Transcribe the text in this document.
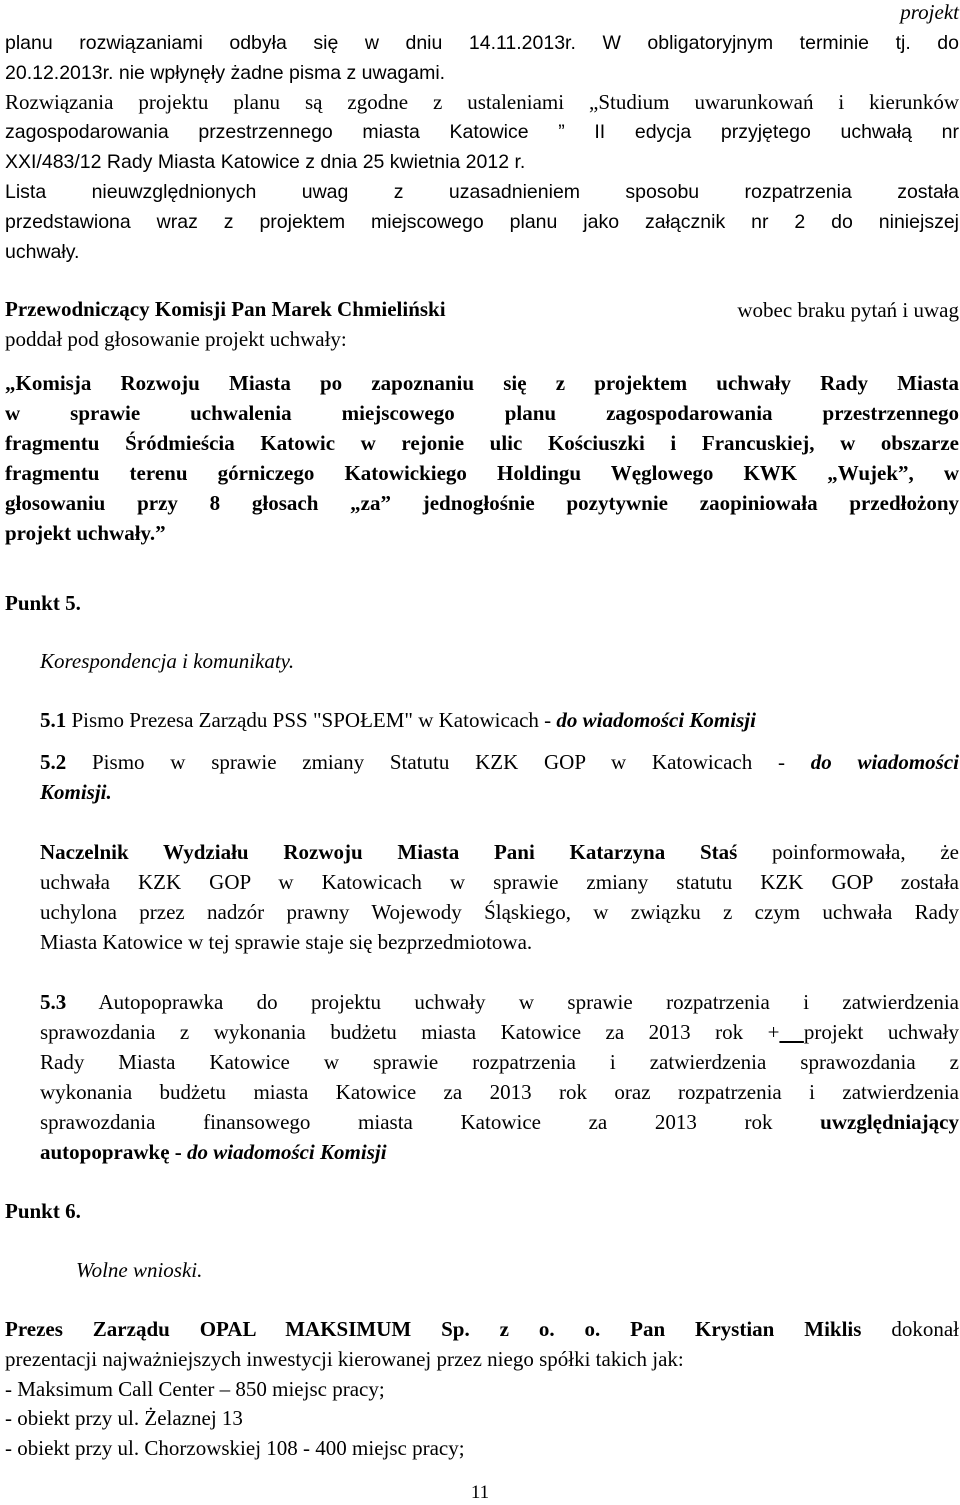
projekt
planu rozwiązaniami odbyła się w dniu 14.11.2013r. W obligatoryjnym terminie tj. do
20.12.2013r. nie wpłynęły żadne pisma z uwagami.
Rozwiązania projektu planu są zgodne z ustaleniami „Studium uwarunkowań i kierunków
zagospodarowania przestrzennego miasta Katowice ” II edycja przyjętego uchwałą nr
XXI/483/12 Rady Miasta Katowice z dnia 25 kwietnia 2012 r.
Lista nieuwzględnionych uwag z uzasadnieniem sposobu rozpatrzenia została
przedstawiona wraz z projektem miejscowego planu jako załącznik nr 2 do niniejszej
uchwały.
Przewodniczący Komisji Pan Marek Chmieliński	wobec braku pytań i uwag
poddał pod głosowanie projekt uchwały:
„Komisja Rozwoju Miasta po zapoznaniu się z projektem uchwały Rady Miasta
w sprawie uchwalenia miejscowego planu zagospodarowania przestrzennego
fragmentu Śródmieścia Katowic w rejonie ulic Kościuszki i Francuskiej, w obszarze
fragmentu terenu górniczego Katowickiego Holdingu Węglowego KWK „Wujek”, w
głosowaniu przy 8 głosach „za” jednogłośnie pozytywnie zaopiniowała przedłożony
projekt uchwały.”
Punkt 5.
Korespondencja i komunikaty.
5.1 Pismo Prezesa Zarządu PSS "SPOŁEM" w Katowicach - do wiadomości Komisji
5.2 Pismo w sprawie zmiany Statutu KZK GOP w Katowicach - do wiadomości
Komisji.
Naczelnik Wydziału Rozwoju Miasta Pani Katarzyna Staś poinformowała, że
uchwała KZK GOP w Katowicach w sprawie zmiany statutu KZK GOP została
uchylona przez nadzór prawny Wojewody Śląskiego, w związku z czym uchwała Rady
Miasta Katowice w tej sprawie staje się bezprzedmiotowa.
5.3 Autopoprawka do projektu uchwały w sprawie rozpatrzenia i zatwierdzenia
sprawozdania z wykonania budżetu miasta Katowice za 2013 rok + projekt uchwały
Rady Miasta Katowice w sprawie rozpatrzenia i zatwierdzenia sprawozdania z
wykonania budżetu miasta Katowice za 2013 rok oraz rozpatrzenia i zatwierdzenia
sprawozdania finansowego miasta Katowice za 2013 rok uwzględniający
autopoprawkę - do wiadomości Komisji
Punkt 6.
Wolne wnioski.
Prezes Zarządu OPAL MAKSIMUM Sp. z o. o. Pan Krystian Miklis dokonał
prezentacji najważniejszych inwestycji kierowanej przez niego spółki takich jak:
- Maksimum Call Center – 850 miejsc pracy;
- obiekt przy ul. Żelaznej 13
- obiekt przy ul. Chorzowskiej 108 - 400 miejsc pracy;
11
